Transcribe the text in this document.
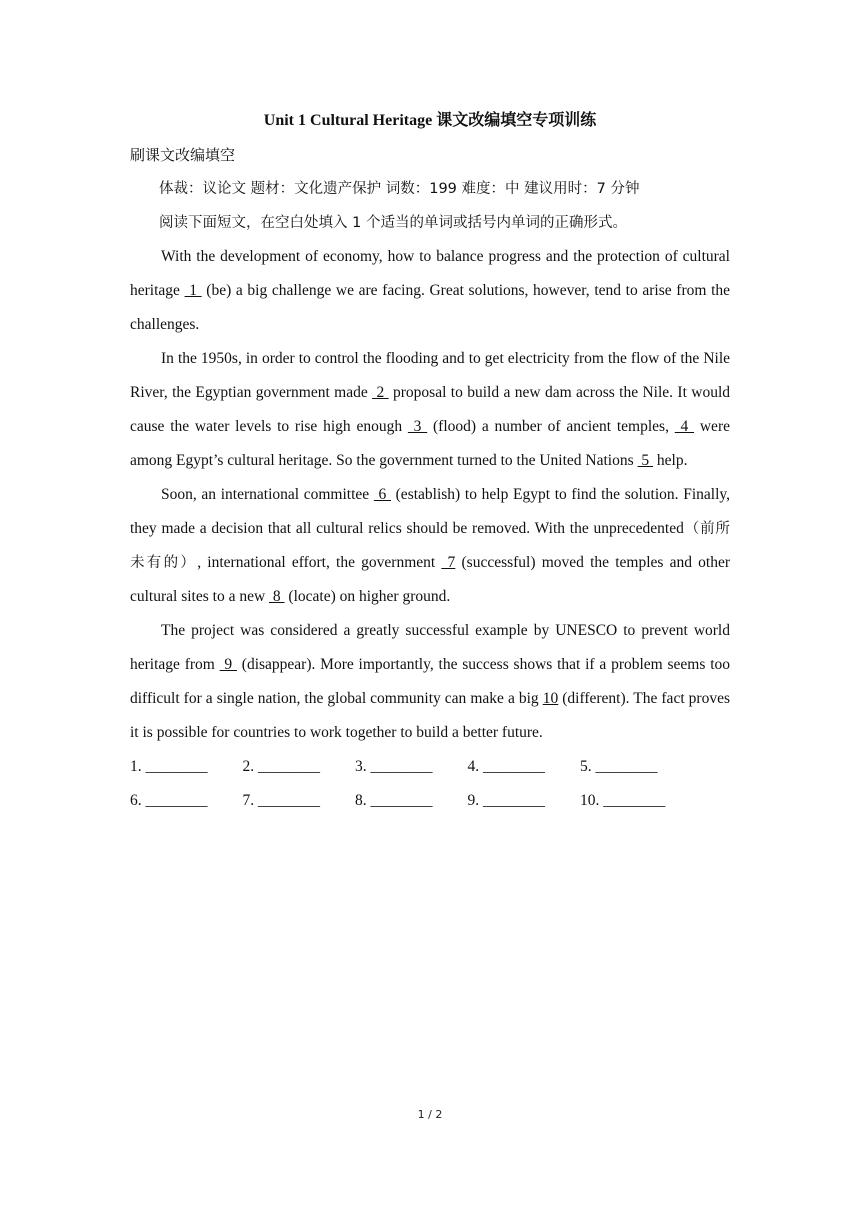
Unit 1 Cultural Heritage 课文改编填空专项训练
刷课文改编填空

体裁：议论文 题材：文化遗产保护 词数：199 难度：中 建议用时：7 分钟

阅读下面短文，在空白处填入 1 个适当的单词或括号内单词的正确形式。

With the development of economy, how to balance progress and the protection of cultural heritage  1  (be) a big challenge we are facing. Great solutions, however, tend to arise from the challenges.

In the 1950s, in order to control the flooding and to get electricity from the flow of the Nile River, the Egyptian government made  2  proposal to build a new dam across the Nile. It would cause the water levels to rise high enough  3  (flood) a number of ancient temples,  4  were among Egypt’s cultural heritage. So the government turned to the United Nations  5  help.

Soon, an international committee  6  (establish) to help Egypt to find the solution. Finally, they made a decision that all cultural relics should be removed. With the unprecedented（前所未有的）, international effort, the government  7 (successful) moved the temples and other cultural sites to a new  8  (locate) on higher ground.

The project was considered a greatly successful example by UNESCO to prevent world heritage from  9  (disappear). More importantly, the success shows that if a problem seems too difficult for a single nation, the global community can make a big 10 (different). The fact proves it is possible for countries to work together to build a better future.

1. ________	2. ________	3. ________	4. ________	5. ________
6. ________	7. ________	8. ________	9. ________	10. ________
1 / 2
